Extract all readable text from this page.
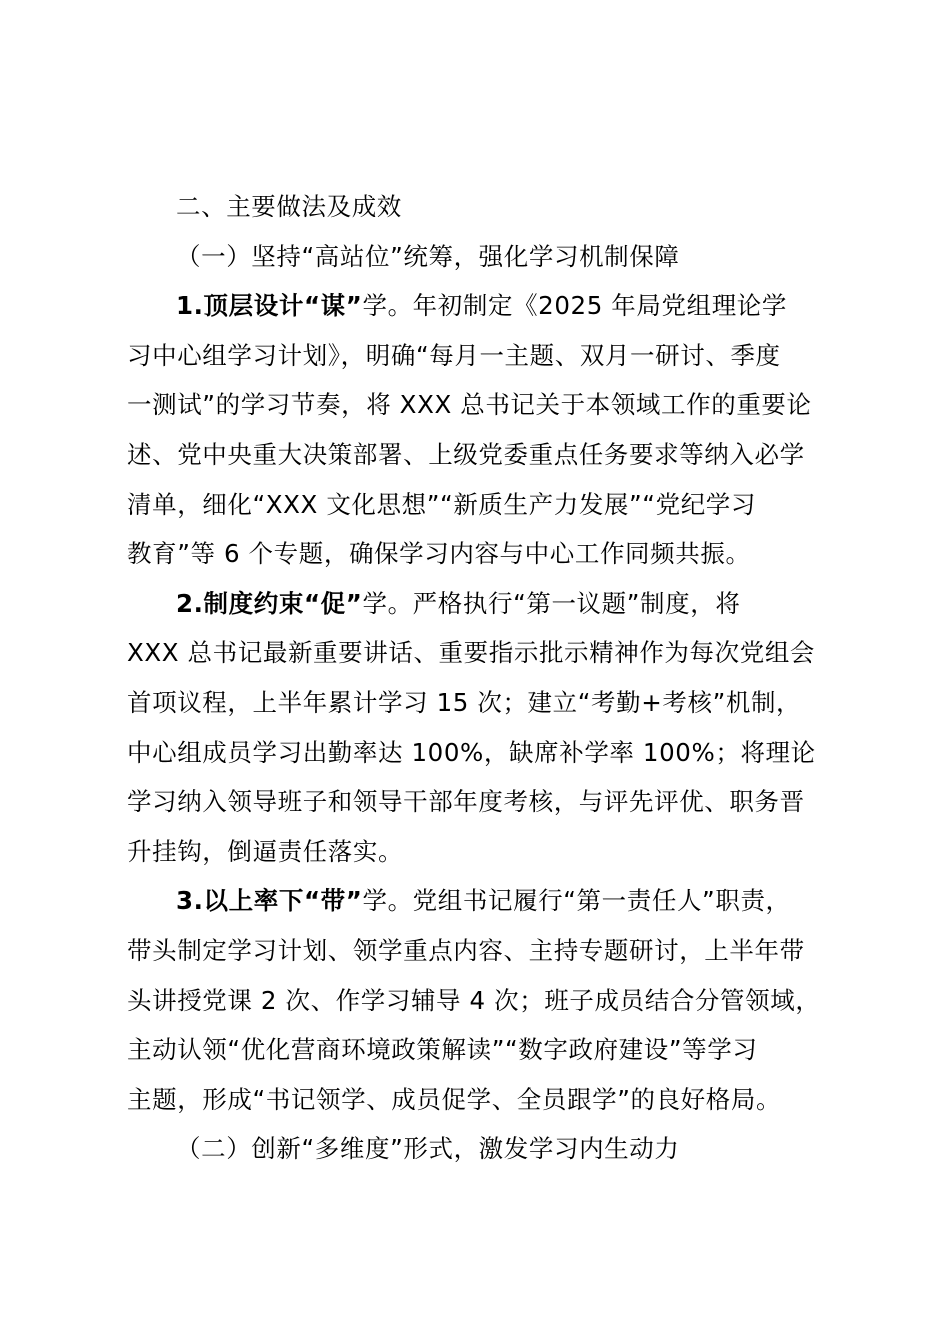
二、主要做法及成效
（一）坚持“高站位”统筹，强化学习机制保障
1.顶层设计“谋”学。年初制定《2025 年局党组理论学
习中心组学习计划》，明确“每月一主题、双月一研讨、季度
一测试”的学习节奏，将 XXX 总书记关于本领域工作的重要论
述、党中央重大决策部署、上级党委重点任务要求等纳入必学
清单，细化“XXX 文化思想”“新质生产力发展”“党纪学习
教育”等 6 个专题，确保学习内容与中心工作同频共振。
2.制度约束“促”学。严格执行“第一议题”制度，将
XXX 总书记最新重要讲话、重要指示批示精神作为每次党组会
首项议程，上半年累计学习 15 次；建立“考勤+考核”机制，
中心组成员学习出勤率达 100%，缺席补学率 100%；将理论
学习纳入领导班子和领导干部年度考核，与评先评优、职务晋
升挂钩，倒逼责任落实。
3.以上率下“带”学。党组书记履行“第一责任人”职责，
带头制定学习计划、领学重点内容、主持专题研讨，上半年带
头讲授党课 2 次、作学习辅导 4 次；班子成员结合分管领域，
主动认领“优化营商环境政策解读”“数字政府建设”等学习
主题，形成“书记领学、成员促学、全员跟学”的良好格局。
（二）创新“多维度”形式，激发学习内生动力
